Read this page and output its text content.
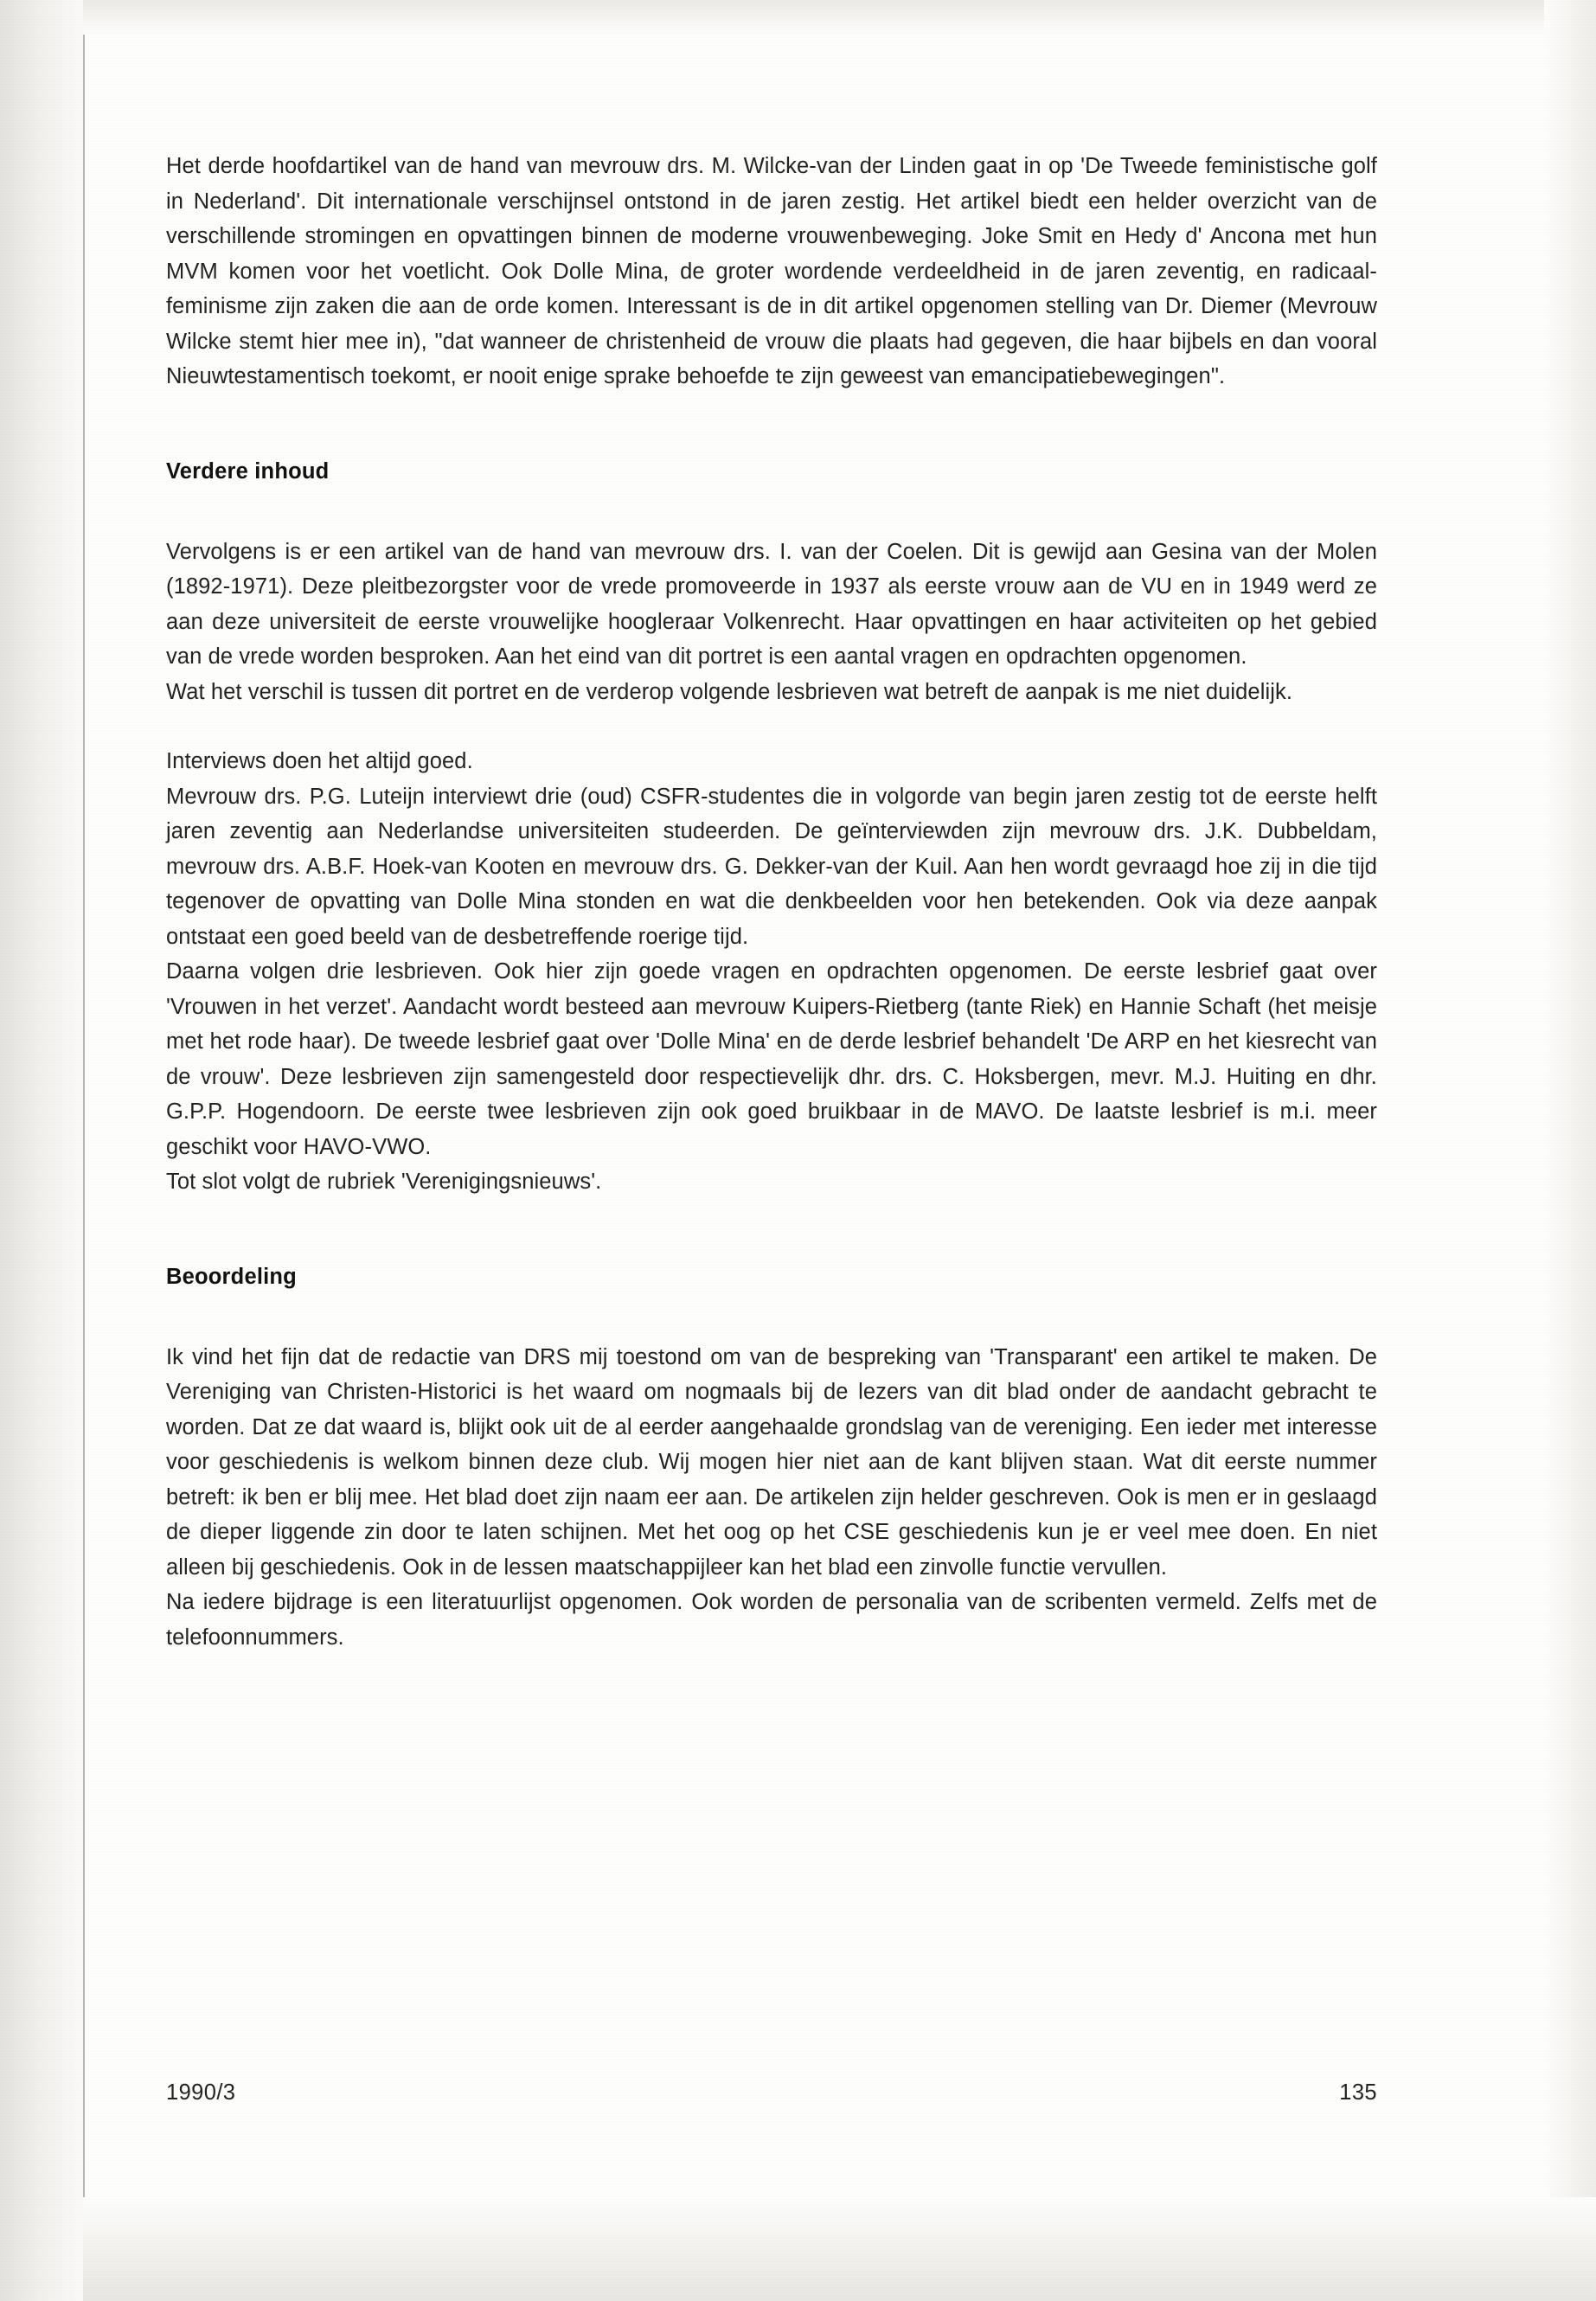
Het derde hoofdartikel van de hand van mevrouw drs. M. Wilcke-van der Linden gaat in op 'De Tweede feministische golf in Nederland'. Dit internationale verschijnsel ontstond in de jaren zestig. Het artikel biedt een helder overzicht van de verschillende stromingen en opvattingen binnen de moderne vrouwenbeweging. Joke Smit en Hedy d' Ancona met hun MVM komen voor het voetlicht. Ook Dolle Mina, de groter wordende verdeeldheid in de jaren zeventig, en radicaal-feminisme zijn zaken die aan de orde komen. Interessant is de in dit artikel opgenomen stelling van Dr. Diemer (Mevrouw Wilcke stemt hier mee in), "dat wanneer de christenheid de vrouw die plaats had gegeven, die haar bijbels en dan vooral Nieuwtestamentisch toekomt, er nooit enige sprake behoefde te zijn geweest van emancipatiebewegingen".

Verdere inhoud

Vervolgens is er een artikel van de hand van mevrouw drs. I. van der Coelen. Dit is gewijd aan Gesina van der Molen (1892-1971). Deze pleitbezorgster voor de vrede promoveerde in 1937 als eerste vrouw aan de VU en in 1949 werd ze aan deze universiteit de eerste vrouwelijke hoogleraar Volkenrecht. Haar opvattingen en haar activiteiten op het gebied van de vrede worden besproken. Aan het eind van dit portret is een aantal vragen en opdrachten opgenomen.

Wat het verschil is tussen dit portret en de verderop volgende lesbrieven wat betreft de aanpak is me niet duidelijk.

Interviews doen het altijd goed.

Mevrouw drs. P.G. Luteijn interviewt drie (oud) CSFR-studentes die in volgorde van begin jaren zestig tot de eerste helft jaren zeventig aan Nederlandse universiteiten studeerden. De geïnterviewden zijn mevrouw drs. J.K. Dubbeldam, mevrouw drs. A.B.F. Hoek-van Kooten en mevrouw drs. G. Dekker-van der Kuil. Aan hen wordt gevraagd hoe zij in die tijd tegenover de opvatting van Dolle Mina stonden en wat die denkbeelden voor hen betekenden. Ook via deze aanpak ontstaat een goed beeld van de desbetreffende roerige tijd.

Daarna volgen drie lesbrieven. Ook hier zijn goede vragen en opdrachten opgenomen. De eerste lesbrief gaat over 'Vrouwen in het verzet'. Aandacht wordt besteed aan mevrouw Kuipers-Rietberg (tante Riek) en Hannie Schaft (het meisje met het rode haar). De tweede lesbrief gaat over 'Dolle Mina' en de derde lesbrief behandelt 'De ARP en het kiesrecht van de vrouw'. Deze lesbrieven zijn samengesteld door respectievelijk dhr. drs. C. Hoksbergen, mevr. M.J. Huiting en dhr. G.P.P. Hogendoorn. De eerste twee lesbrieven zijn ook goed bruikbaar in de MAVO. De laatste lesbrief is m.i. meer geschikt voor HAVO-VWO.

Tot slot volgt de rubriek 'Verenigingsnieuws'.

Beoordeling

Ik vind het fijn dat de redactie van DRS mij toestond om van de bespreking van 'Transparant' een artikel te maken. De Vereniging van Christen-Historici is het waard om nogmaals bij de lezers van dit blad onder de aandacht gebracht te worden. Dat ze dat waard is, blijkt ook uit de al eerder aangehaalde grondslag van de vereniging. Een ieder met interesse voor geschiedenis is welkom binnen deze club. Wij mogen hier niet aan de kant blijven staan. Wat dit eerste nummer betreft: ik ben er blij mee. Het blad doet zijn naam eer aan. De artikelen zijn helder geschreven. Ook is men er in geslaagd de dieper liggende zin door te laten schijnen. Met het oog op het CSE geschiedenis kun je er veel mee doen. En niet alleen bij geschiedenis. Ook in de lessen maatschappijleer kan het blad een zinvolle functie vervullen.

Na iedere bijdrage is een literatuurlijst opgenomen. Ook worden de personalia van de scribenten vermeld. Zelfs met de telefoonnummers.

1990/3	135
